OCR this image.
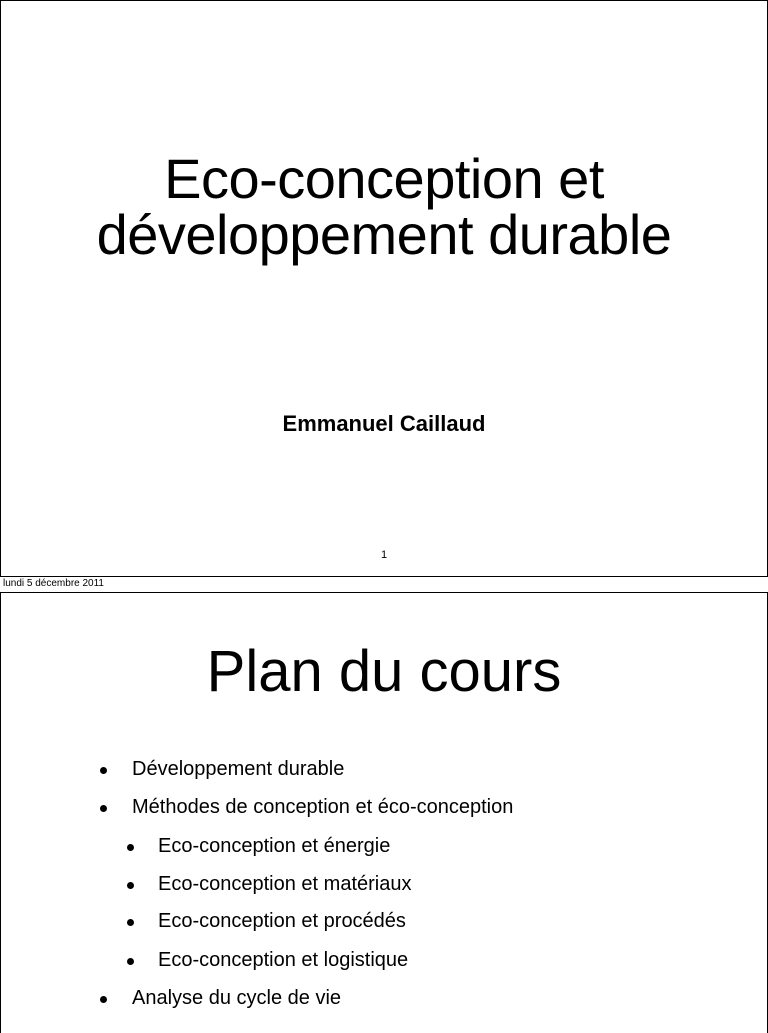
Eco-conception et
développement durable
Emmanuel Caillaud
1
lundi 5 décembre 2011
Plan du cours
Développement durable
Méthodes de conception et éco-conception
Eco-conception et énergie
Eco-conception et matériaux
Eco-conception et procédés
Eco-conception et logistique
Analyse du cycle de vie
